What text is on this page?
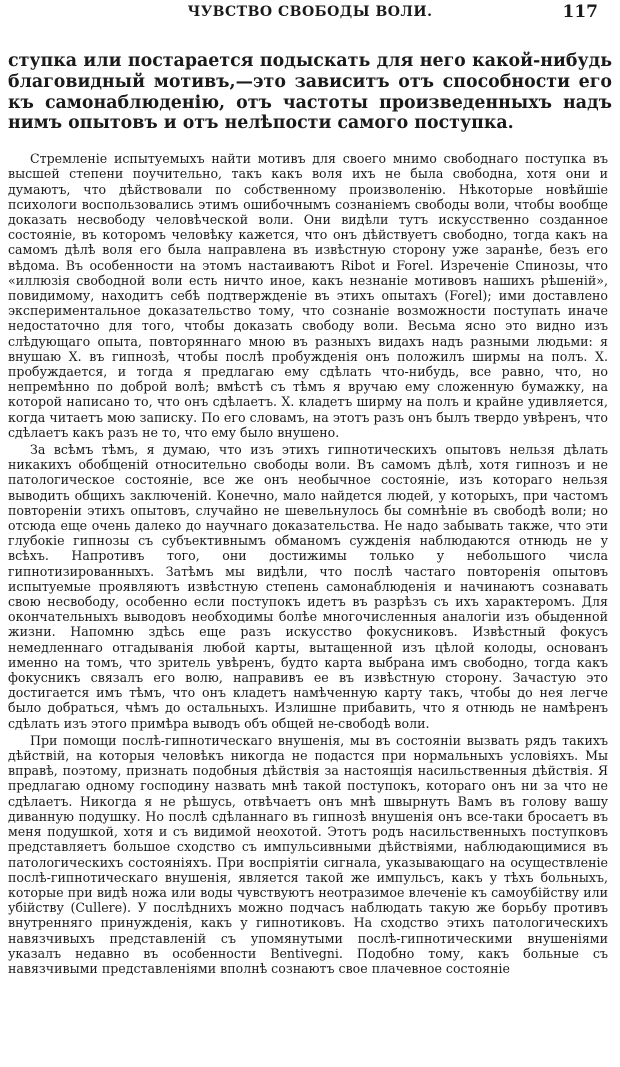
ЧУВСТВО СВОБОДЫ ВОЛИ.	117

ступка или постарается подыскать для него какой-нибудь благовидный мотивъ,—это зависитъ отъ способности его къ самонаблюденію, отъ частоты произведенныхъ надъ нимъ опытовъ и отъ нелѣпости самого поступка.

Стремленіе испытуемыхъ найти мотивъ для своего мнимо свободнаго поступка въ высшей степени поучительно, такъ какъ воля ихъ не была свободна, хотя они и думаютъ, что дѣйствовали по собственному произволенію. Нѣкоторые новѣйшіе психологи воспользовались этимъ ошибочнымъ сознаніемъ свободы воли, чтобы вообще доказать несвободу человѣческой воли. Они видѣли тутъ искусственно созданное состояніе, въ которомъ человѣку кажется, что онъ дѣйствуетъ свободно, тогда какъ на самомъ дѣлѣ воля его была направлена въ извѣстную сторону уже заранѣе, безъ его вѣдома. Въ особенности на этомъ настаиваютъ Ribot и Forel. Изреченіе Спинозы, что «иллюзія свободной воли есть ничто иное, какъ незнаніе мотивовъ нашихъ рѣшеній», повидимому, находитъ себѣ подтвержденіе въ этихъ опытахъ (Forel); ими доставлено экспериментальное доказательство тому, что сознаніе возможности поступать иначе недостаточно для того, чтобы доказать свободу воли. Весьма ясно это видно изъ слѣдующаго опыта, повторяннаго мною въ разныхъ видахъ надъ разными людьми: я внушаю Х. въ гипнозѣ, чтобы послѣ пробужденія онъ положилъ ширмы на полъ. Х. пробуждается, и тогда я предлагаю ему сдѣлать что-нибудь, все равно, что, но непремѣнно по доброй волѣ; вмѣстѣ съ тѣмъ я вручаю ему сложенную бумажку, на которой написано то, что онъ сдѣлаетъ. Х. кладетъ ширму на полъ и крайне удивляется, когда читаетъ мою записку. По его словамъ, на этотъ разъ онъ былъ твердо увѣренъ, что сдѣлаетъ какъ разъ не то, что ему было внушено.

За всѣмъ тѣмъ, я думаю, что изъ этихъ гипнотическихъ опытовъ нельзя дѣлать никакихъ обобщеній относительно свободы воли. Въ самомъ дѣлѣ, хотя гипнозъ и не патологическое состояніе, все же онъ необычное состояніе, изъ котораго нельзя выводить общихъ заключеній. Конечно, мало найдется людей, у которыхъ, при частомъ повтореніи этихъ опытовъ, случайно не шевельнулось бы сомнѣніе въ свободѣ воли; но отсюда еще очень далеко до научнаго доказательства. Не надо забывать также, что эти глубокіе гипнозы съ субъективнымъ обманомъ сужденія наблюдаются отнюдь не у всѣхъ. Напротивъ того, они достижимы только у небольшого числа гипнотизированныхъ. Затѣмъ мы видѣли, что послѣ частаго повторенія опытовъ испытуемые проявляютъ извѣстную степень самонаблюденія и начинаютъ сознавать свою несвободу, особенно если поступокъ идетъ въ разрѣзъ съ ихъ характеромъ. Для окончательныхъ выводовъ необходимы болѣе многочисленныя аналогіи изъ обыденной жизни. Напомню здѣсь еще разъ искусство фокусниковъ. Извѣстный фокусъ немедленнаго отгадыванія любой карты, вытащенной изъ цѣлой колоды, основанъ именно на томъ, что зритель увѣренъ, будто карта выбрана имъ свободно, тогда какъ фокусникъ связалъ его волю, направивъ ее въ извѣстную сторону. Зачастую это достигается имъ тѣмъ, что онъ кладетъ намѣченную карту такъ, чтобы до нея легче было добраться, чѣмъ до остальныхъ. Излишне прибавить, что я отнюдь не намѣренъ сдѣлать изъ этого примѣра выводъ объ общей не-свободѣ воли.

При помощи послѣ-гипнотическаго внушенія, мы въ состояніи вызвать рядъ такихъ дѣйствій, на которыя человѣкъ никогда не подастся при нормальныхъ условіяхъ. Мы вправѣ, поэтому, признать подобныя дѣйствія за настоящія насильственныя дѣйствія. Я предлагаю одному господину назвать мнѣ такой поступокъ, котораго онъ ни за что не сдѣлаетъ. Никогда я не рѣшусь, отвѣчаетъ онъ мнѣ швырнуть Вамъ въ голову вашу диванную подушку. Но послѣ сдѣланнаго въ гипнозѣ внушенія онъ все-таки бросаетъ въ меня подушкой, хотя и съ видимой неохотой. Этотъ родъ насильственныхъ поступковъ представляетъ большое сходство съ импульсивными дѣйствіями, наблюдающимися въ патологическихъ состояніяхъ. При воспріятіи сигнала, указывающаго на осуществленіе послѣ-гипнотическаго внушенія, является такой же импульсъ, какъ у тѣхъ больныхъ, которые при видѣ ножа или воды чувствуютъ неотразимое влеченіе къ самоубійству или убійству (Cullere). У послѣднихъ можно подчасъ наблюдать такую же борьбу противъ внутренняго принужденія, какъ у гипнотиковъ. На сходство этихъ патологическихъ навязчивыхъ представленій съ упомянутыми послѣ-гипнотическими внушеніями указалъ недавно въ особенности Bentivegni. Подобно тому, какъ больные съ навязчивыми представленіями вполнѣ сознаютъ свое плачевное состояніе
